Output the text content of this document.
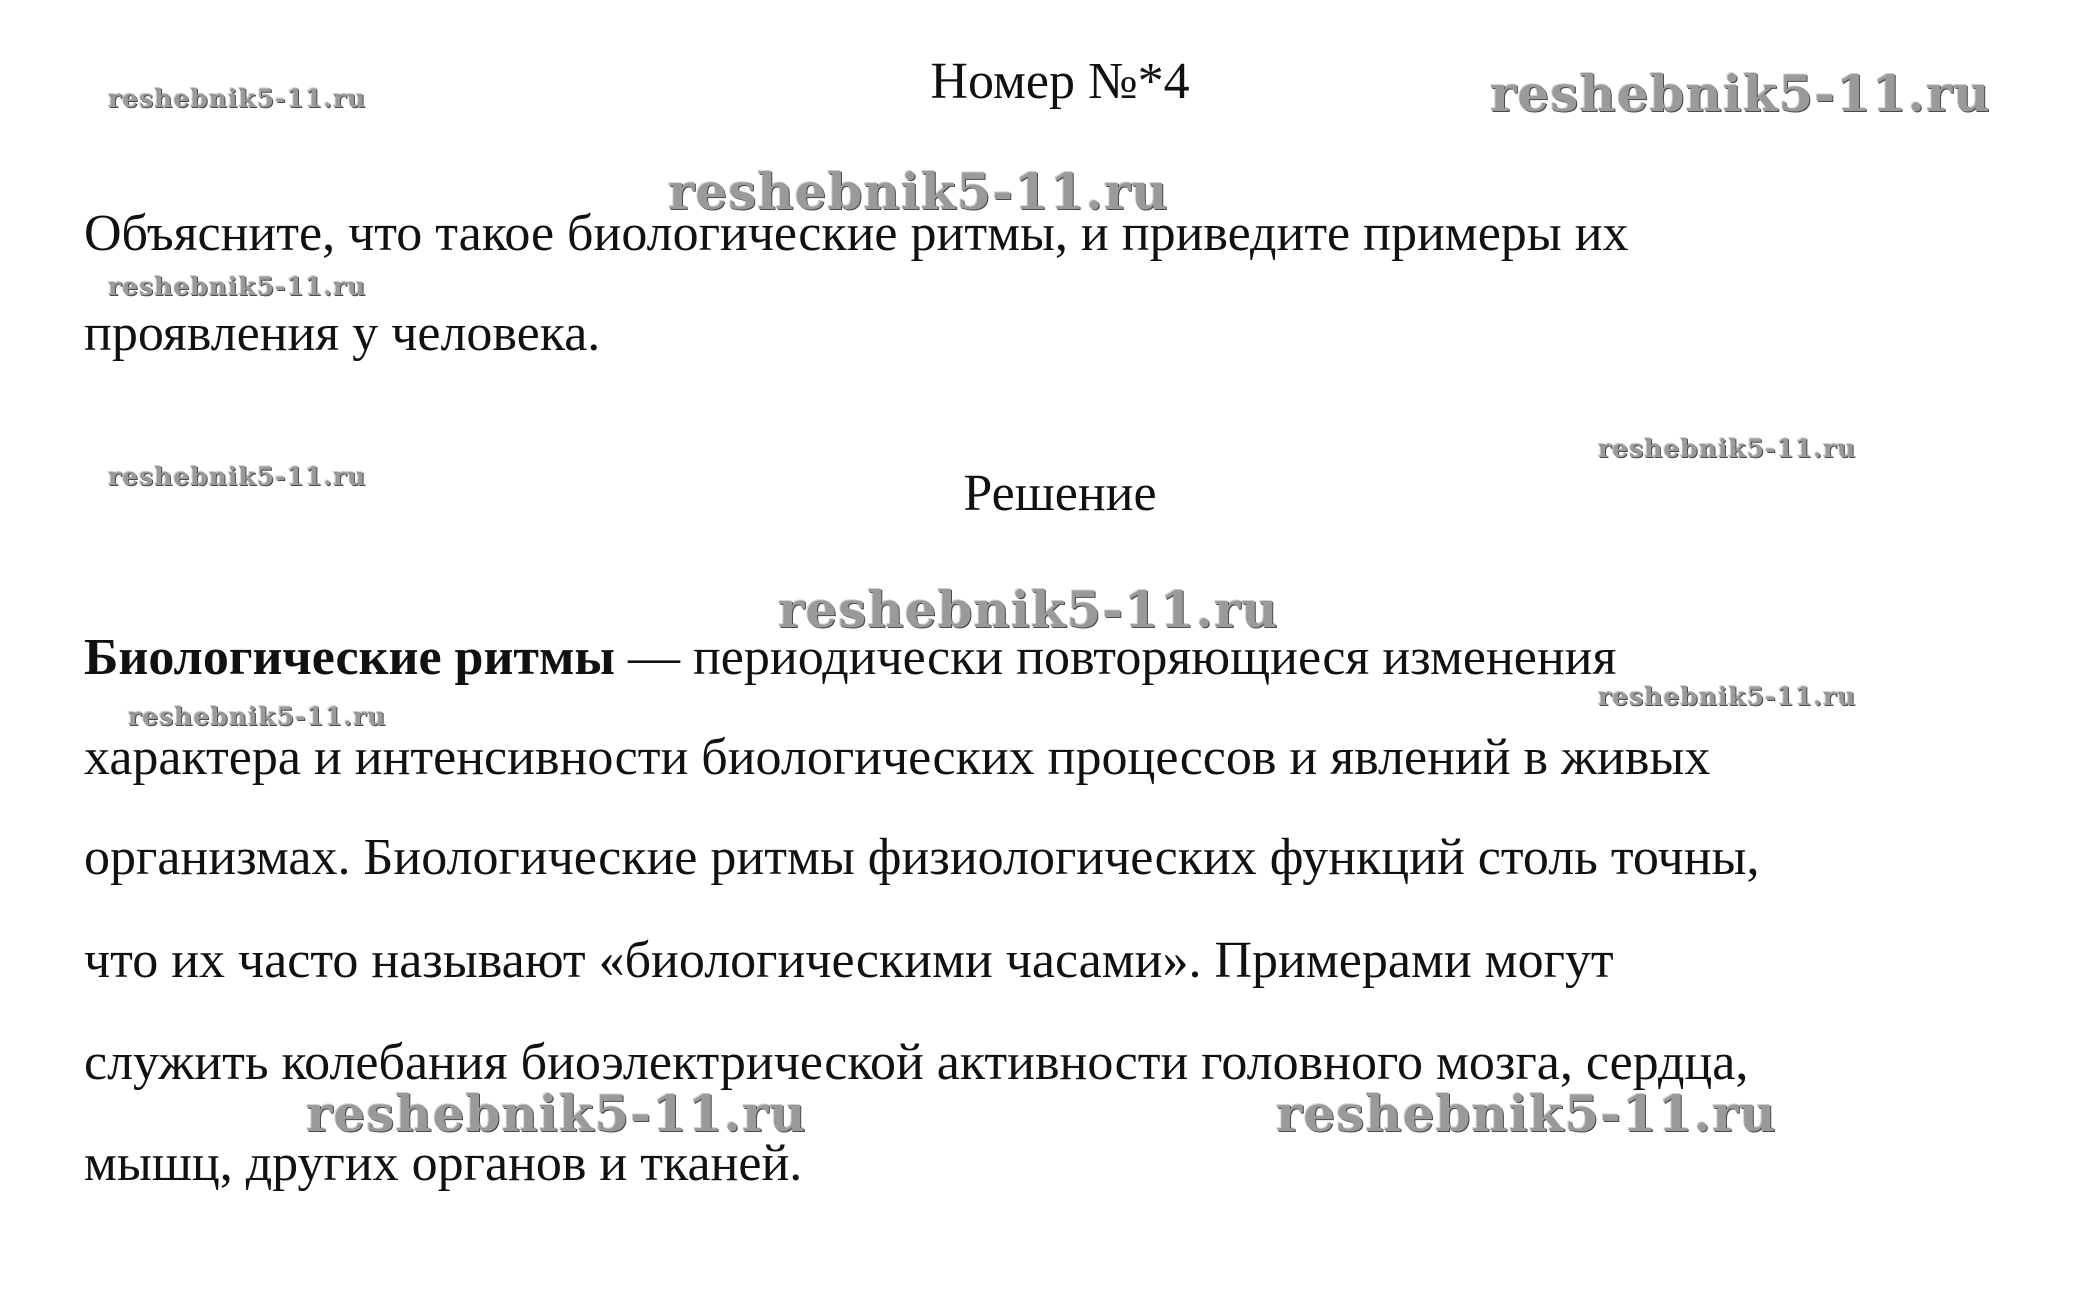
Номер №*4
Объясните, что такое биологические ритмы, и приведите примеры их
проявления у человека.
Решение
Биологические ритмы — периодически повторяющиеся изменения
характера и интенсивности биологических процессов и явлений в живых
организмах. Биологические ритмы физиологических функций столь точны,
что их часто называют «биологическими часами». Примерами могут
служить колебания биоэлектрической активности головного мозга, сердца,
мышц, других органов и тканей.
reshebnik5-11.ru	reshebnik5-11.ru
reshebnik5-11.ru
reshebnik5-11.ru
reshebnik5-11.ru
reshebnik5-11.ru
reshebnik5-11.ru
reshebnik5-11.ru
reshebnik5-11.ru
reshebnik5-11.ru	reshebnik5-11.ru
